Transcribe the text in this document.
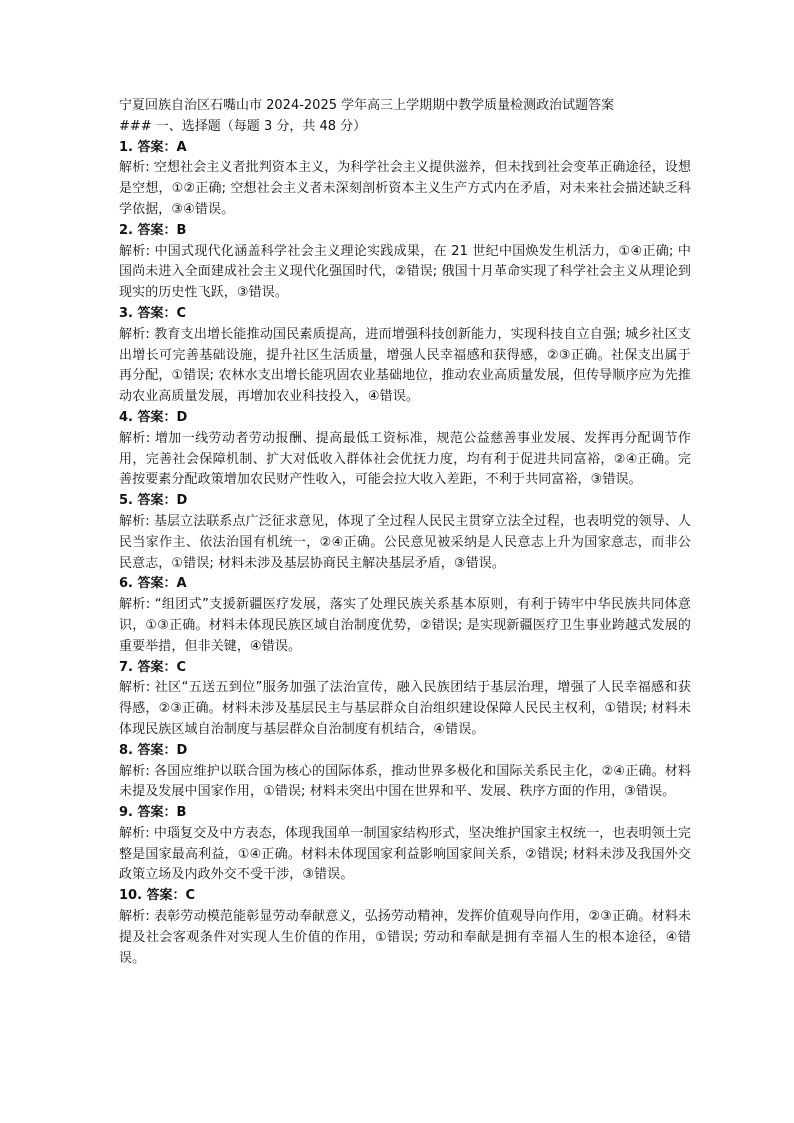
宁夏回族自治区石嘴山市 2024-2025 学年高三上学期期中教学质量检测政治试题答案

### 一、选择题（每题 3 分，共 48 分）

1. 答案：A

解析: 空想社会主义者批判资本主义，为科学社会主义提供滋养，但未找到社会变革正确途径，设想是空想，①②正确; 空想社会主义者未深刻剖析资本主义生产方式内在矛盾，对未来社会描述缺乏科学依据，③④错误。

2. 答案：B

解析: 中国式现代化涵盖科学社会主义理论实践成果，在 21 世纪中国焕发生机活力，①④正确; 中国尚未进入全面建成社会主义现代化强国时代，②错误; 俄国十月革命实现了科学社会主义从理论到现实的历史性飞跃，③错误。

3. 答案：C

解析: 教育支出增长能推动国民素质提高，进而增强科技创新能力，实现科技自立自强; 城乡社区支出增长可完善基础设施，提升社区生活质量，增强人民幸福感和获得感，②③正确。社保支出属于再分配，①错误; 农林水支出增长能巩固农业基础地位，推动农业高质量发展，但传导顺序应为先推动农业高质量发展，再增加农业科技投入，④错误。

4. 答案：D

解析: 增加一线劳动者劳动报酬、提高最低工资标准，规范公益慈善事业发展、发挥再分配调节作用，完善社会保障机制、扩大对低收入群体社会优抚力度，均有利于促进共同富裕，②④正确。完善按要素分配政策增加农民财产性收入，可能会拉大收入差距，不利于共同富裕，③错误。

5. 答案：D

解析: 基层立法联系点广泛征求意见，体现了全过程人民民主贯穿立法全过程，也表明党的领导、人民当家作主、依法治国有机统一，②④正确。公民意见被采纳是人民意志上升为国家意志，而非公民意志，①错误; 材料未涉及基层协商民主解决基层矛盾，③错误。

6. 答案：A

解析: “组团式”支援新疆医疗发展，落实了处理民族关系基本原则，有利于铸牢中华民族共同体意识，①③正确。材料未体现民族区域自治制度优势，②错误; 是实现新疆医疗卫生事业跨越式发展的重要举措，但非关键，④错误。

7. 答案：C

解析: 社区“五送五到位”服务加强了法治宣传，融入民族团结于基层治理，增强了人民幸福感和获得感，②③正确。材料未涉及基层民主与基层群众自治组织建设保障人民民主权利，①错误; 材料未体现民族区域自治制度与基层群众自治制度有机结合，④错误。

8. 答案：D

解析: 各国应维护以联合国为核心的国际体系，推动世界多极化和国际关系民主化，②④正确。材料未提及发展中国家作用，①错误; 材料未突出中国在世界和平、发展、秩序方面的作用，③错误。

9. 答案：B

解析: 中瑙复交及中方表态，体现我国单一制国家结构形式，坚决维护国家主权统一，也表明领土完整是国家最高利益，①④正确。材料未体现国家利益影响国家间关系，②错误; 材料未涉及我国外交政策立场及内政外交不受干涉，③错误。

10. 答案：C

解析: 表彰劳动模范能彰显劳动奉献意义，弘扬劳动精神，发挥价值观导向作用，②③正确。材料未提及社会客观条件对实现人生价值的作用，①错误; 劳动和奉献是拥有幸福人生的根本途径，④错误。
